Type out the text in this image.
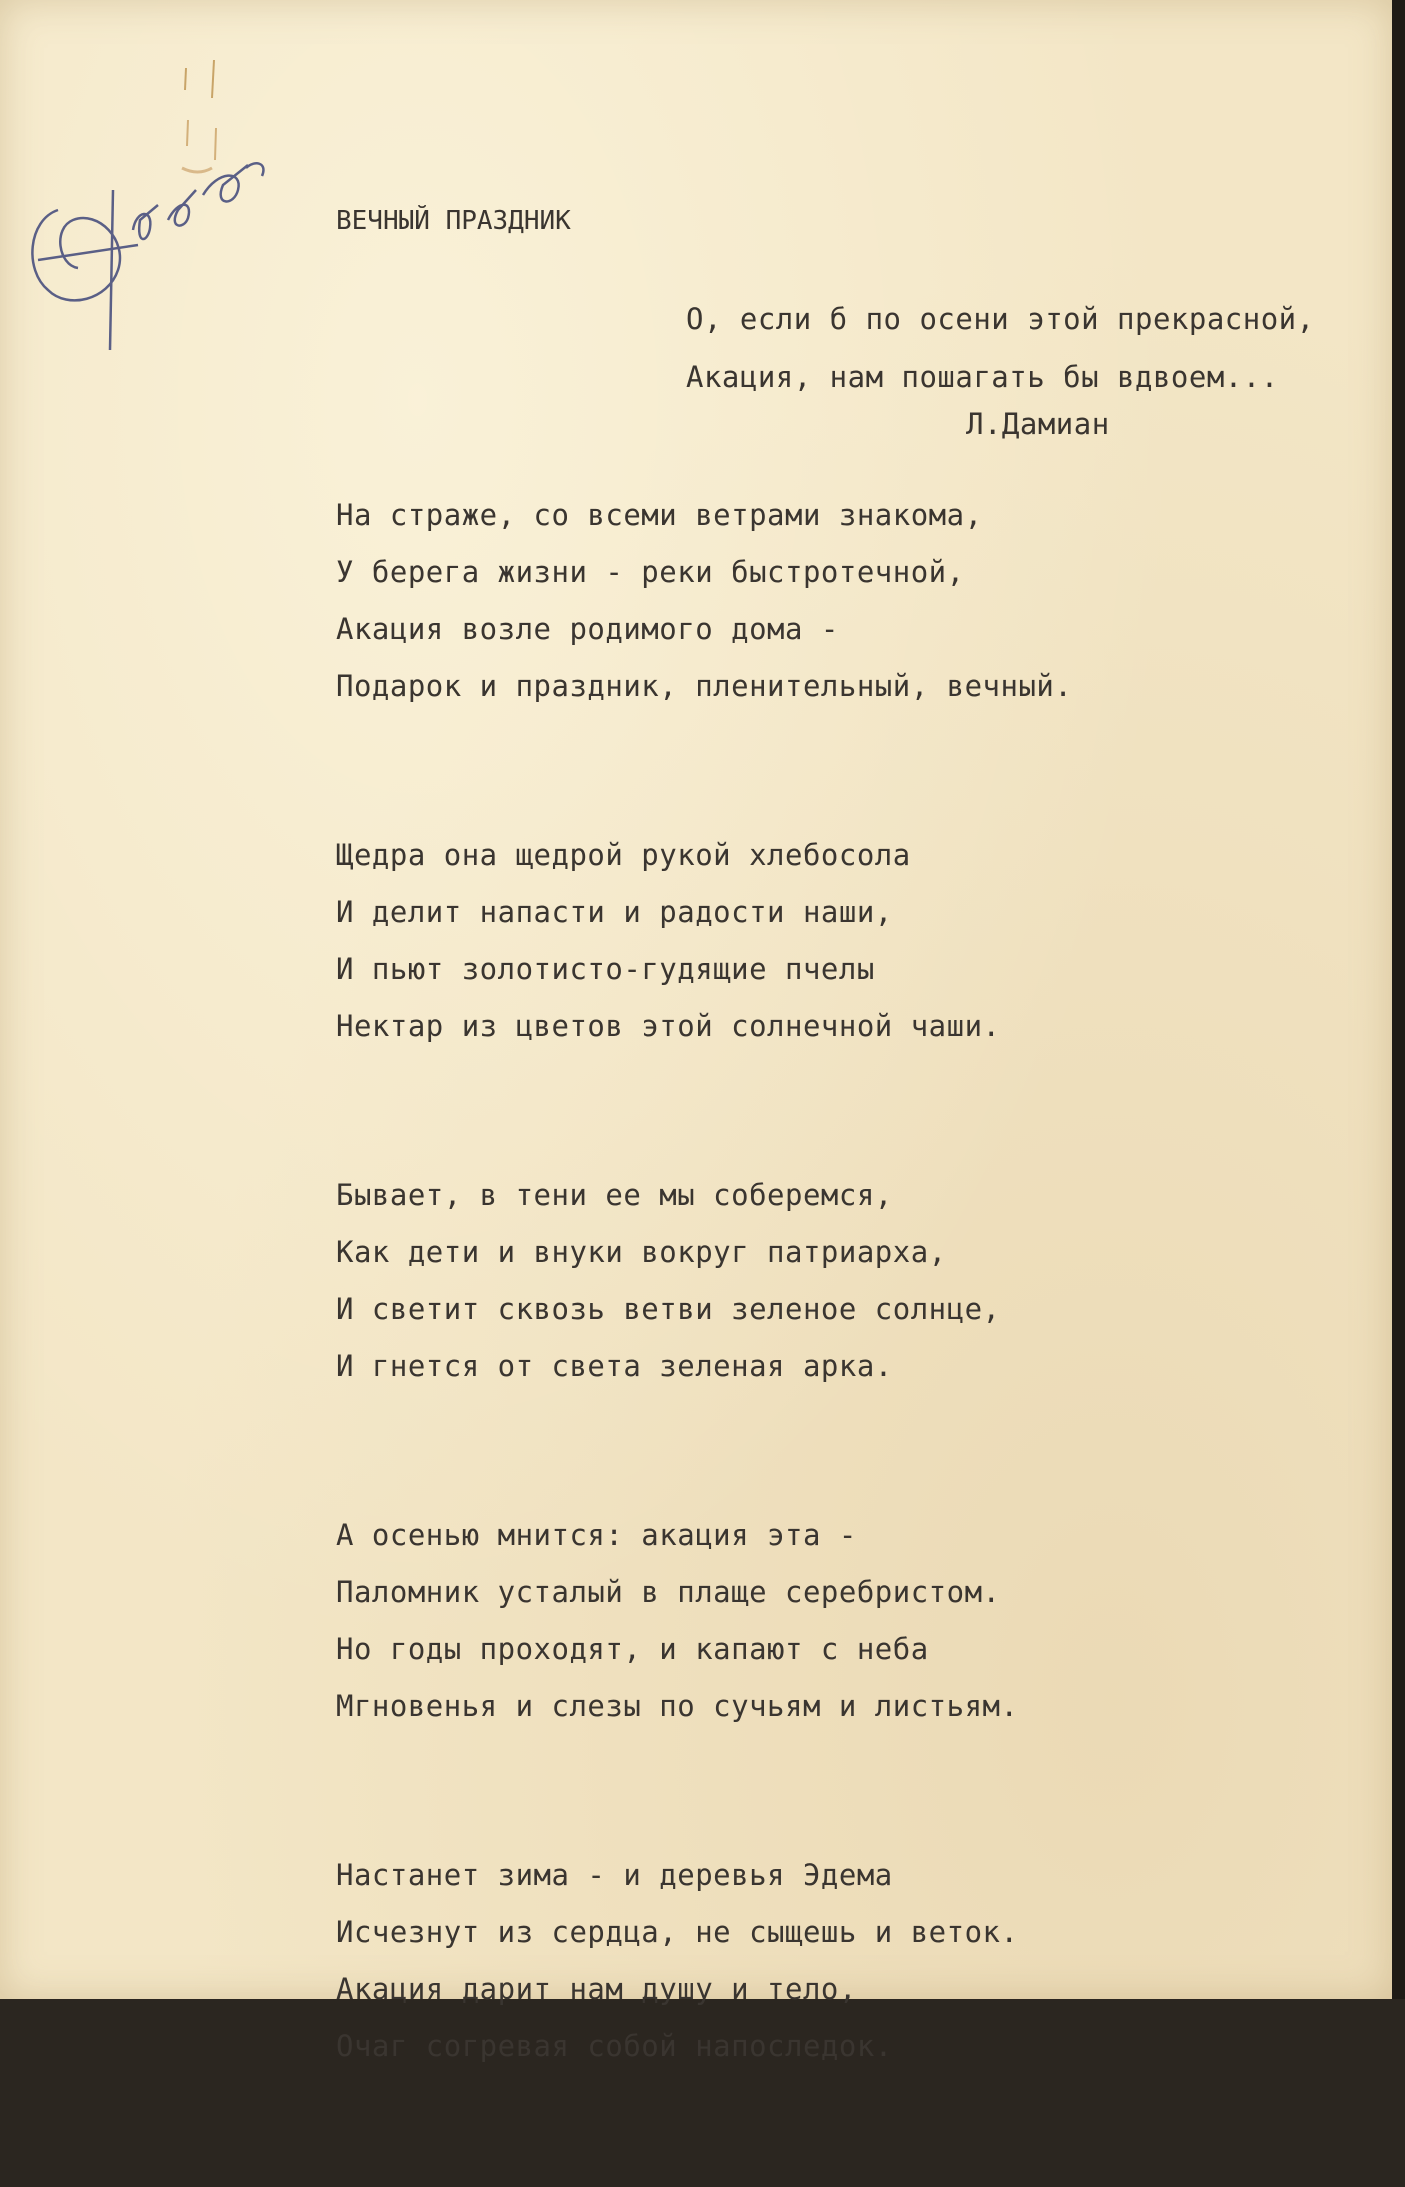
ВЕЧНЫЙ ПРАЗДНИК
О, если б по осени этой прекрасной,
Акация, нам пошагать бы вдвоем...
Л.Дамиан
На страже, со всеми ветрами знакома,
У берега жизни - реки быстротечной,
Акация возле родимого дома -
Подарок и праздник, пленительный, вечный.
Щедра она щедрой рукой хлебосола
И делит напасти и радости наши,
И пьют золотисто-гудящие пчелы
Нектар из цветов этой солнечной чаши.
Бывает, в тени ее мы соберемся,
Как дети и внуки вокруг патриарха,
И светит сквозь ветви зеленое солнце,
И гнется от света зеленая арка.
А осенью мнится: акация эта -
Паломник усталый в плаще серебристом.
Но годы проходят, и капают с неба
Мгновенья и слезы по сучьям и листьям.
Настанет зима - и деревья Эдема
Исчезнут из сердца, не сыщешь и веток.
Акация дарит нам душу и тело,
Очаг согревая собой напоследок.
